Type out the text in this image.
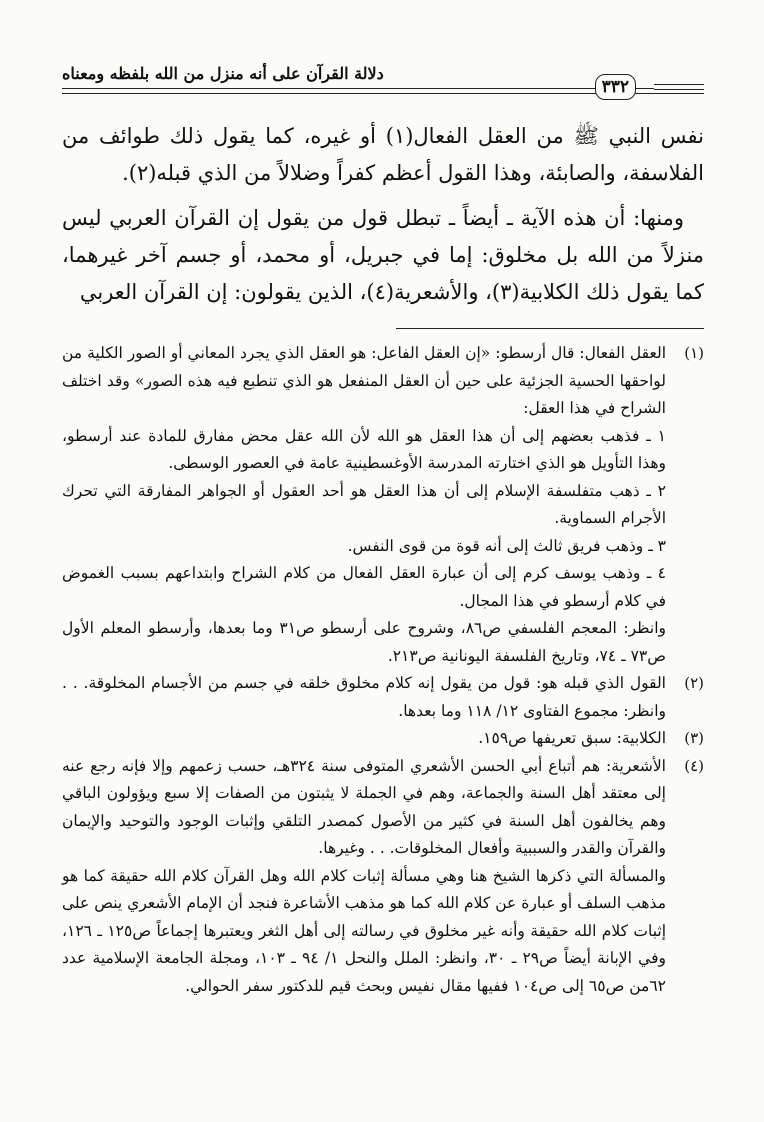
دلالة القرآن على أنه منزل من الله بلفظه ومعناه
٣٣٢

نفس النبي ﷺ من العقل الفعال(١) أو غيره، كما يقول ذلك طوائف من الفلاسفة، والصابئة، وهذا القول أعظم كفراً وضلالاً من الذي قبله(٢).

ومنها: أن هذه الآية ـ أيضاً ـ تبطل قول من يقول إن القرآن العربي ليس منزلاً من الله بل مخلوق: إما في جبريل، أو محمد، أو جسم آخر غيرهما، كما يقول ذلك الكلابية(٣)، والأشعرية(٤)، الذين يقولون: إن القرآن العربي

(١)

العقل الفعال: قال أرسطو: «إن العقل الفاعل: هو العقل الذي يجرد المعاني أو الصور الكلية من لواحقها الحسية الجزئية على حين أن العقل المنفعل هو الذي تنطبع فيه هذه الصور» وقد اختلف الشراح في هذا العقل:

١ ـ فذهب بعضهم إلى أن هذا العقل هو الله لأن الله عقل محض مفارق للمادة عند أرسطو، وهذا التأويل هو الذي اختارته المدرسة الأوغسطينية عامة في العصور الوسطى.

٢ ـ ذهب متفلسفة الإسلام إلى أن هذا العقل هو أحد العقول أو الجواهر المفارقة التي تحرك الأجرام السماوية.

٣ ـ وذهب فريق ثالث إلى أنه قوة من قوى النفس.

٤ ـ وذهب يوسف كرم إلى أن عبارة العقل الفعال من كلام الشراح وابتداعهم بسبب الغموض في كلام أرسطو في هذا المجال.

وانظر: المعجم الفلسفي ص٨٦، وشروح على أرسطو ص٣١ وما بعدها، وأرسطو المعلم الأول ص٧٣ ـ ٧٤، وتاريخ الفلسفة اليونانية ص٢١٣.

(٢)

القول الذي قبله هو: قول من يقول إنه كلام مخلوق خلقه في جسم من الأجسام المخلوقة. . . وانظر: مجموع الفتاوى ١٢/ ١١٨ وما بعدها.

(٣)

الكلابية: سبق تعريفها ص١٥٩.

(٤)

الأشعرية: هم أتباع أبي الحسن الأشعري المتوفى سنة ٣٢٤هـ، حسب زعمهم وإلا فإنه رجع عنه إلى معتقد أهل السنة والجماعة، وهم في الجملة لا يثبتون من الصفات إلا سبع ويؤولون الباقي وهم يخالفون أهل السنة في كثير من الأصول كمصدر التلقي وإثبات الوجود والتوحيد والإيمان والقرآن والقدر والسببية وأفعال المخلوقات. . . وغيرها.

والمسألة التي ذكرها الشيخ هنا وهي مسألة إثبات كلام الله وهل القرآن كلام الله حقيقة كما هو مذهب السلف أو عبارة عن كلام الله كما هو مذهب الأشاعرة فنجد أن الإمام الأشعري ينص على إثبات كلام الله حقيقة وأنه غير مخلوق في رسالته إلى أهل الثغر ويعتبرها إجماعاً ص١٢٥ ـ ١٢٦، وفي الإبانة أيضاً ص٢٩ ـ ٣٠، وانظر: الملل والنحل ١/ ٩٤ ـ ١٠٣، ومجلة الجامعة الإسلامية عدد ٦٢من ص٦٥ إلى ص١٠٤ ففيها مقال نفيس وبحث قيم للدكتور سفر الحوالي.
